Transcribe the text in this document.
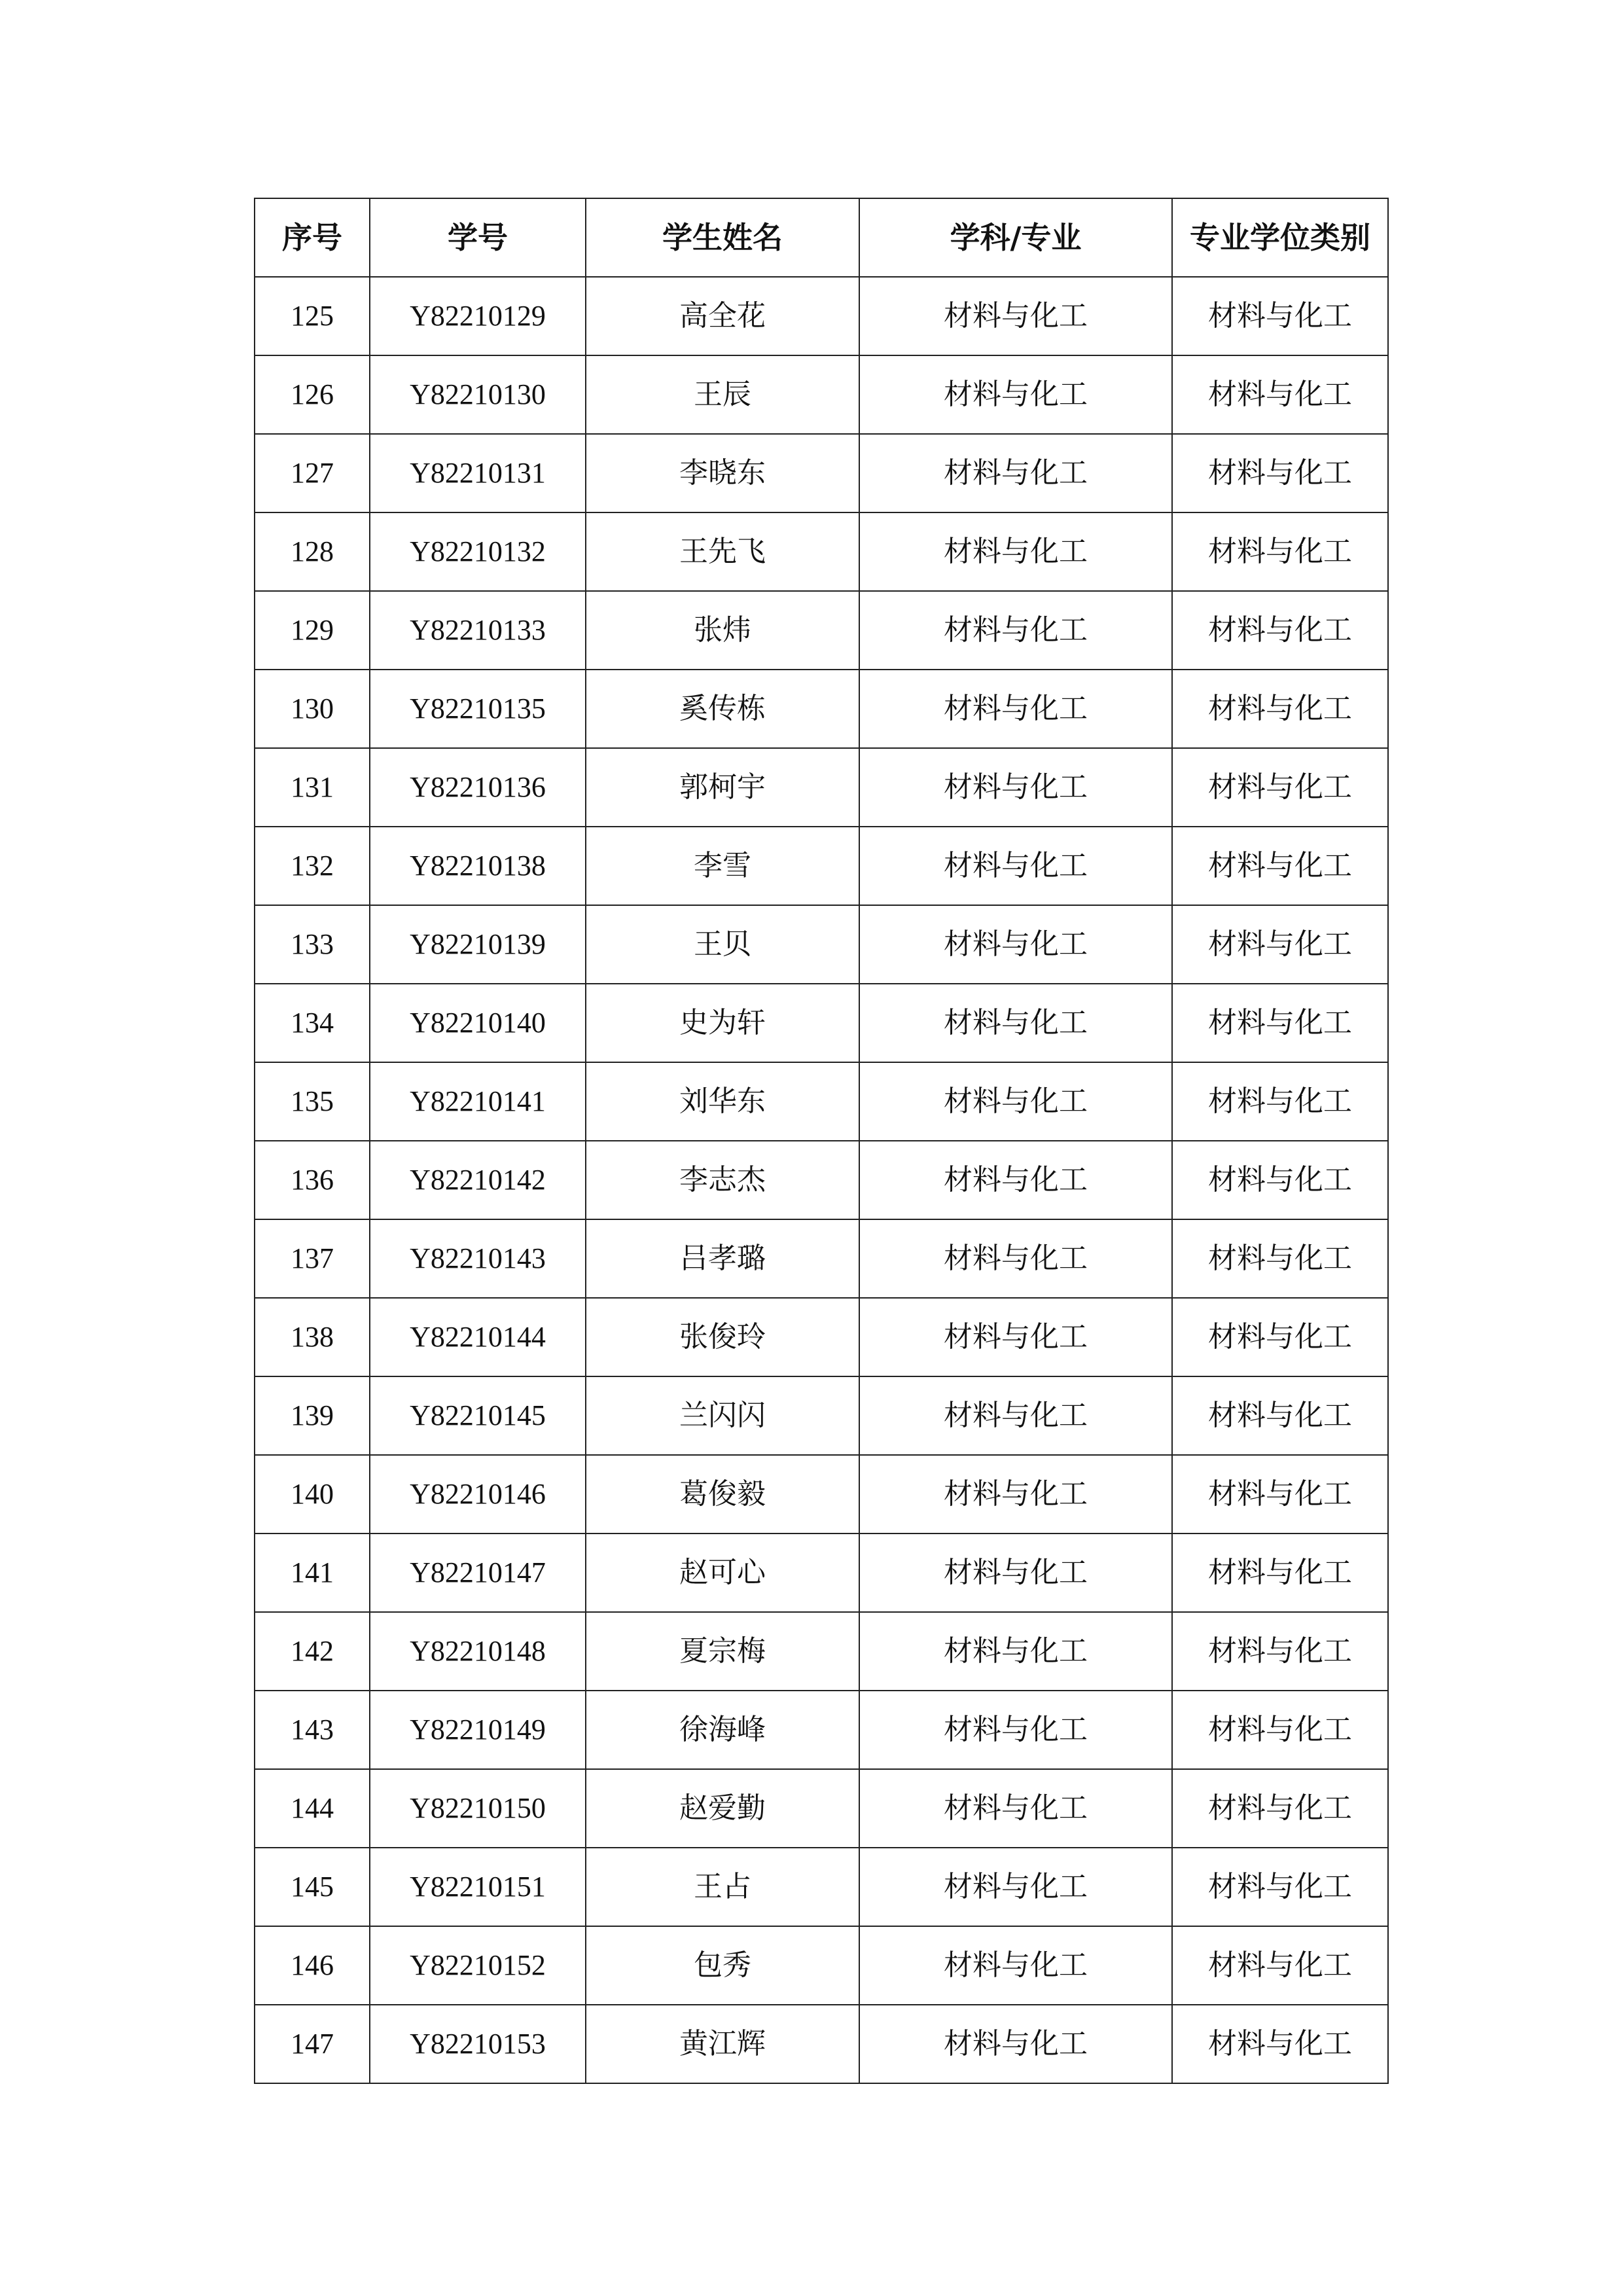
序号	学号	学生姓名	学科/专业	专业学位类别
125	Y82210129	高全花	材料与化工	材料与化工
126	Y82210130	王辰	材料与化工	材料与化工
127	Y82210131	李晓东	材料与化工	材料与化工
128	Y82210132	王先飞	材料与化工	材料与化工
129	Y82210133	张炜	材料与化工	材料与化工
130	Y82210135	奚传栋	材料与化工	材料与化工
131	Y82210136	郭柯宇	材料与化工	材料与化工
132	Y82210138	李雪	材料与化工	材料与化工
133	Y82210139	王贝	材料与化工	材料与化工
134	Y82210140	史为轩	材料与化工	材料与化工
135	Y82210141	刘华东	材料与化工	材料与化工
136	Y82210142	李志杰	材料与化工	材料与化工
137	Y82210143	吕孝璐	材料与化工	材料与化工
138	Y82210144	张俊玲	材料与化工	材料与化工
139	Y82210145	兰闪闪	材料与化工	材料与化工
140	Y82210146	葛俊毅	材料与化工	材料与化工
141	Y82210147	赵可心	材料与化工	材料与化工
142	Y82210148	夏宗梅	材料与化工	材料与化工
143	Y82210149	徐海峰	材料与化工	材料与化工
144	Y82210150	赵爱勤	材料与化工	材料与化工
145	Y82210151	王占	材料与化工	材料与化工
146	Y82210152	包秀	材料与化工	材料与化工
147	Y82210153	黄江辉	材料与化工	材料与化工
